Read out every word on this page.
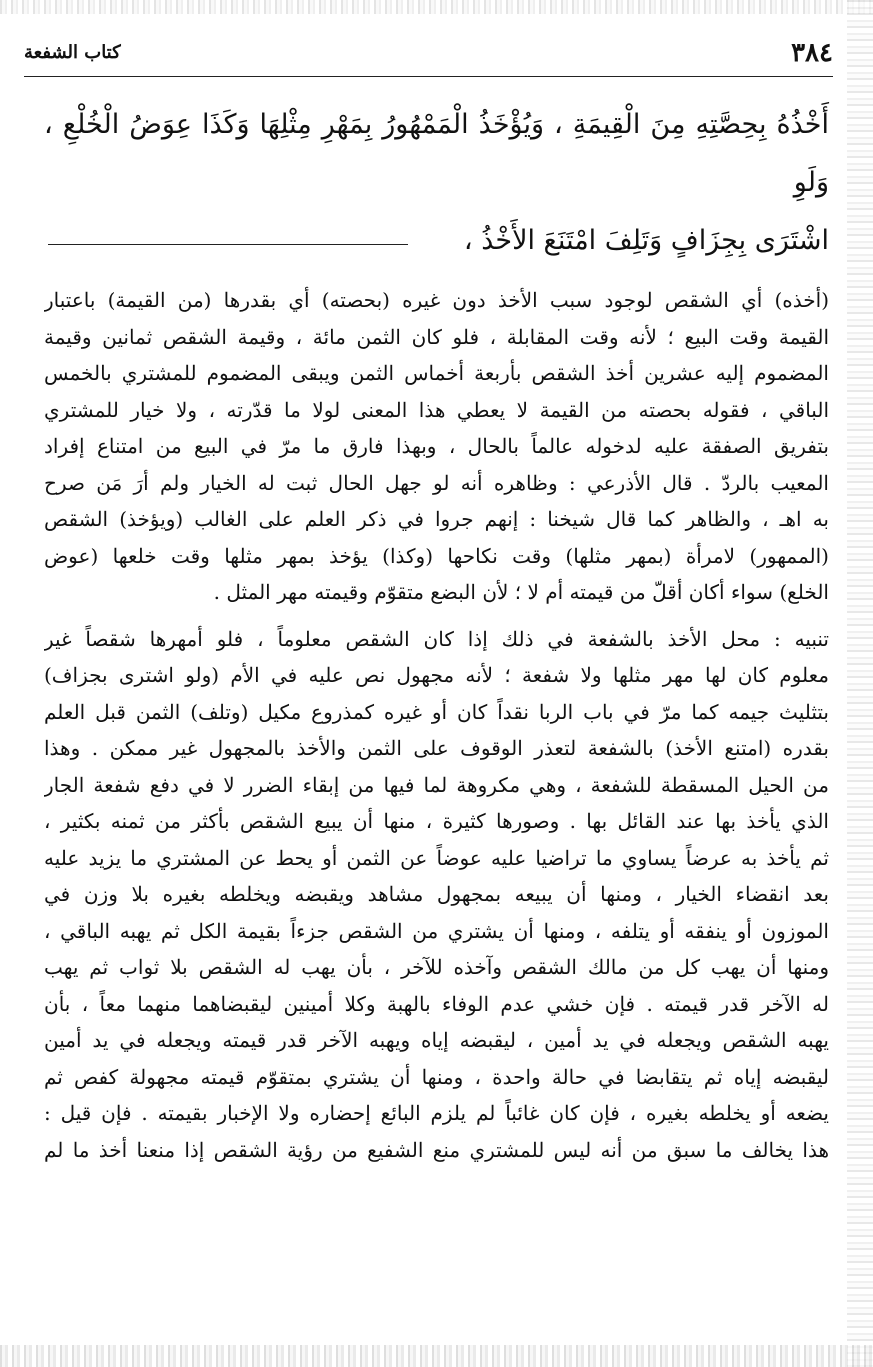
٣٨٤
كتاب الشفعة
أَخْذُهُ بِحِصَّتِهِ مِنَ الْقِيمَةِ ، وَيُؤْخَذُ الْمَمْهُورُ بِمَهْرِ مِثْلِهَا وَكَذَا عِوَضُ الْخُلْعِ ، وَلَوِ
اشْتَرَى بِجِزَافٍ وَتَلِفَ امْتَنَعَ الأَخْذُ ،
(أخذه) أي الشقص لوجود سبب الأخذ دون غيره (بحصته) أي بقدرها (من القيمة) باعتبار
القيمة وقت البيع ؛ لأنه وقت المقابلة ، فلو كان الثمن مائة ، وقيمة الشقص ثمانين وقيمة
المضموم إليه عشرين أخذ الشقص بأربعة أخماس الثمن ويبقى المضموم للمشتري بالخمس
الباقي ، فقوله بحصته من القيمة لا يعطي هذا المعنى لولا ما قدّرته ، ولا خيار للمشتري
بتفريق الصفقة عليه لدخوله عالماً بالحال ، وبهذا فارق ما مرّ في البيع من امتناع إفراد
المعيب بالردّ . قال الأذرعي : وظاهره أنه لو جهل الحال ثبت له الخيار ولم أرَ مَن صرح
به اهـ ، والظاهر كما قال شيخنا : إنهم جروا في ذكر العلم على الغالب (ويؤخذ) الشقص
(الممهور) لامرأة (بمهر مثلها) وقت نكاحها (وكذا) يؤخذ بمهر مثلها وقت خلعها (عوض
الخلع) سواء أكان أقلّ من قيمته أم لا ؛ لأن البضع متقوّم وقيمته مهر المثل .
تنبيه : محل الأخذ بالشفعة في ذلك إذا كان الشقص معلوماً ، فلو أمهرها شقصاً غير
معلوم كان لها مهر مثلها ولا شفعة ؛ لأنه مجهول نص عليه في الأم (ولو اشترى بجزاف)
بتثليث جيمه كما مرّ في باب الربا نقداً كان أو غيره كمذروع مكيل (وتلف) الثمن قبل العلم
بقدره (امتنع الأخذ) بالشفعة لتعذر الوقوف على الثمن والأخذ بالمجهول غير ممكن . وهذا
من الحيل المسقطة للشفعة ، وهي مكروهة لما فيها من إبقاء الضرر لا في دفع شفعة الجار
الذي يأخذ بها عند القائل بها . وصورها كثيرة ، منها أن يبيع الشقص بأكثر من ثمنه بكثير ،
ثم يأخذ به عرضاً يساوي ما تراضيا عليه عوضاً عن الثمن أو يحط عن المشتري ما يزيد عليه
بعد انقضاء الخيار ، ومنها أن يبيعه بمجهول مشاهد ويقبضه ويخلطه بغيره بلا وزن في
الموزون أو ينفقه أو يتلفه ، ومنها أن يشتري من الشقص جزءاً بقيمة الكل ثم يهبه الباقي ،
ومنها أن يهب كل من مالك الشقص وآخذه للآخر ، بأن يهب له الشقص بلا ثواب ثم يهب
له الآخر قدر قيمته . فإن خشي عدم الوفاء بالهبة وكلا أمينين ليقبضاهما منهما معاً ، بأن
يهبه الشقص ويجعله في يد أمين ، ليقبضه إياه ويهبه الآخر قدر قيمته ويجعله في يد أمين
ليقبضه إياه ثم يتقابضا في حالة واحدة ، ومنها أن يشتري بمتقوّم قيمته مجهولة كفص ثم
يضعه أو يخلطه بغيره ، فإن كان غائباً لم يلزم البائع إحضاره ولا الإخبار بقيمته . فإن قيل :
هذا يخالف ما سبق من أنه ليس للمشتري منع الشفيع من رؤية الشقص إذا منعنا أخذ ما لم
